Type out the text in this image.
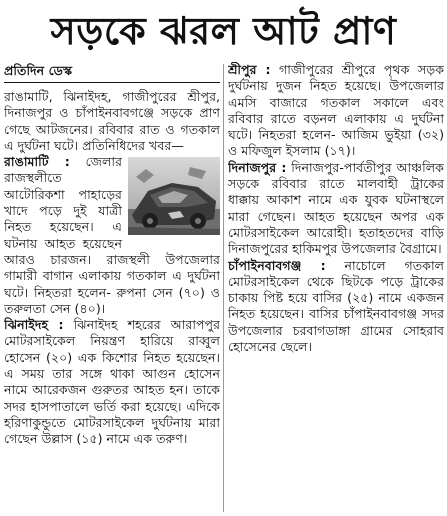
সড়কে ঝরল আট প্রাণ
প্রতিদিন ডেস্ক

রাঙামাটি, ঝিনাইদহ, গাজীপুরের শ্রীপুর, দিনাজপুর ও চাঁপাইনবাবগঞ্জে সড়কে প্রাণ গেছে আটজনের। রবিবার রাত ও গতকাল এ দুর্ঘটনা ঘটে। প্রতিনিধিদের খবর—

রাঙামাটি : জেলার রাজস্থলীতে আটোরিকশা পাহাড়ের খাদে পড়ে দুই যাত্রী নিহত হয়েছেন। এ ঘটনায় আহত হয়েছেন আরও চারজন। রাজস্থলী উপজেলার গামারী বাগান এলাকায় গতকাল এ দুর্ঘটনা ঘটে। নিহতরা হলেন- রুপনা সেন (৭০) ও তরুলতা সেন (৪০)।

ঝিনাইদহ : ঝিনাইদহ শহরের আরাপপুর মোটরসাইকেল নিয়ন্ত্রণ হারিয়ে রাব্বুল হোসেন (২০) এক কিশোর নিহত হয়েছেন। এ সময় তার সঙ্গে থাকা আগুন হোসেন নামে আরেকজন গুরুতর আহত হন। তাকে সদর হাসপাতালে ভর্তি করা হয়েছে। এদিকে হরিণাকুন্ডুতে মোটরসাইকেল দুর্ঘটনায় মারা গেছেন উল্লাস (১৫) নামে এক তরুণ।

শ্রীপুর : গাজীপুরের শ্রীপুরে পৃথক সড়ক দুর্ঘটনায় দুজন নিহত হয়েছে। উপজেলার এমসি বাজারে গতকাল সকালে এবং রবিবার রাতে বড়নল এলাকায় এ দুর্ঘটনা ঘটে। নিহতরা হলেন- আজিম ভুইয়া (৩২) ও মফিজুল ইসলাম (১৭)।

দিনাজপুর : দিনাজপুর-পার্বতীপুর আঞ্চলিক সড়কে রবিবার রাতে মালবাহী ট্রাকের ধাক্কায় আকাশ নামে এক যুবক ঘটনাস্থলে মারা গেছেন। আহত হয়েছেন অপর এক মোটরসাইকেল আরোহী। হতাহতদের বাড়ি দিনাজপুরের হাকিমপুর উপজেলার বৈগ্রামে।

চাঁপাইনবাবগঞ্জ : নাচোলে গতকাল মোটরসাইকেল থেকে ছিটকে পড়ে ট্রাকের চাকায় পিষ্ট হয়ে বাসির (২৫) নামে একজন নিহত হয়েছেন। বাসির চাঁপাইনবাবগঞ্জ সদর উপজেলার চরবাগডাঙ্গা গ্রামের সোহরাব হোসেনের ছেলে।
